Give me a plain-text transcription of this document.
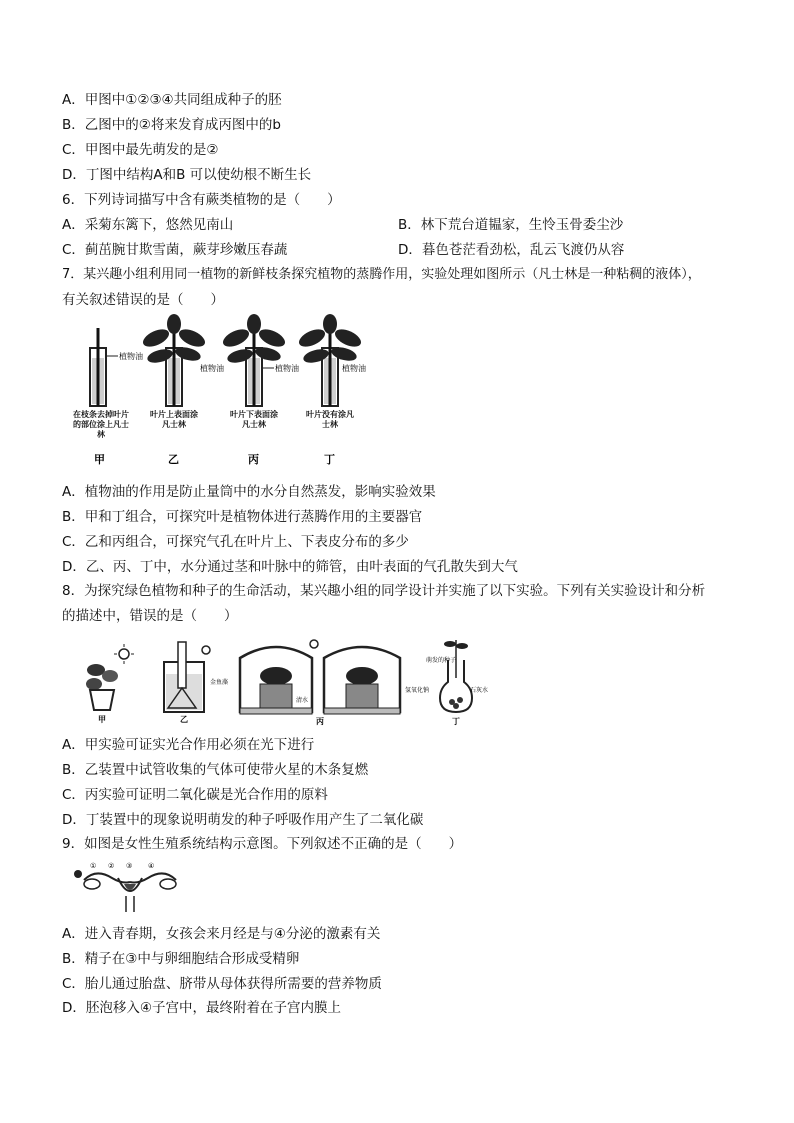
A．甲图中①②③④共同组成种子的胚
B．乙图中的②将来发育成丙图中的b
C．甲图中最先萌发的是②
D．丁图中结构A和B 可以使幼根不断生长
6．下列诗词描写中含有蕨类植物的是（　　）
A．采菊东篱下，悠然见南山	B．林下荒台道韫家，生怜玉骨委尘沙
C．蓟茁腕甘欺雪菌，蕨芽珍嫩压春蔬	D．暮色苍茫看劲松，乱云飞渡仍从容
7．某兴趣小组利用同一植物的新鲜枝条探究植物的蒸腾作用，实验处理如图所示（凡士林是一种粘稠的液体），
有关叙述错误的是（　　）
植物油
植物油	植物油	植物油
在枝条去掉叶片的部位涂上凡士林
叶片上表面涂凡士林
叶片下表面涂凡士林
叶片没有涂凡士林
甲	乙	丙	丁
A．植物油的作用是防止量筒中的水分自然蒸发，影响实验效果
B．甲和丁组合，可探究叶是植物体进行蒸腾作用的主要器官
C．乙和丙组合，可探究气孔在叶片上、下表皮分布的多少
D．乙、丙、丁中，水分通过茎和叶脉中的筛管，由叶表面的气孔散失到大气
8．为探究绿色植物和种子的生命活动，某兴趣小组的同学设计并实施了以下实验。下列有关实验设计和分析
的描述中，错误的是（　　）
甲
金鱼藻
乙
清水
氢氧化钠
丙
萌发的种子
石灰水
丁
A．甲实验可证实光合作用必须在光下进行
B．乙装置中试管收集的气体可使带火星的木条复燃
C．丙实验可证明二氧化碳是光合作用的原料
D．丁装置中的现象说明萌发的种子呼吸作用产生了二氧化碳
9．如图是女性生殖系统结构示意图。下列叙述不正确的是（　　）
① ② ③ ④
A．进入青春期，女孩会来月经是与④分泌的激素有关
B．精子在③中与卵细胞结合形成受精卵
C．胎儿通过胎盘、脐带从母体获得所需要的营养物质
D．胚泡移入④子宫中，最终附着在子宫内膜上
